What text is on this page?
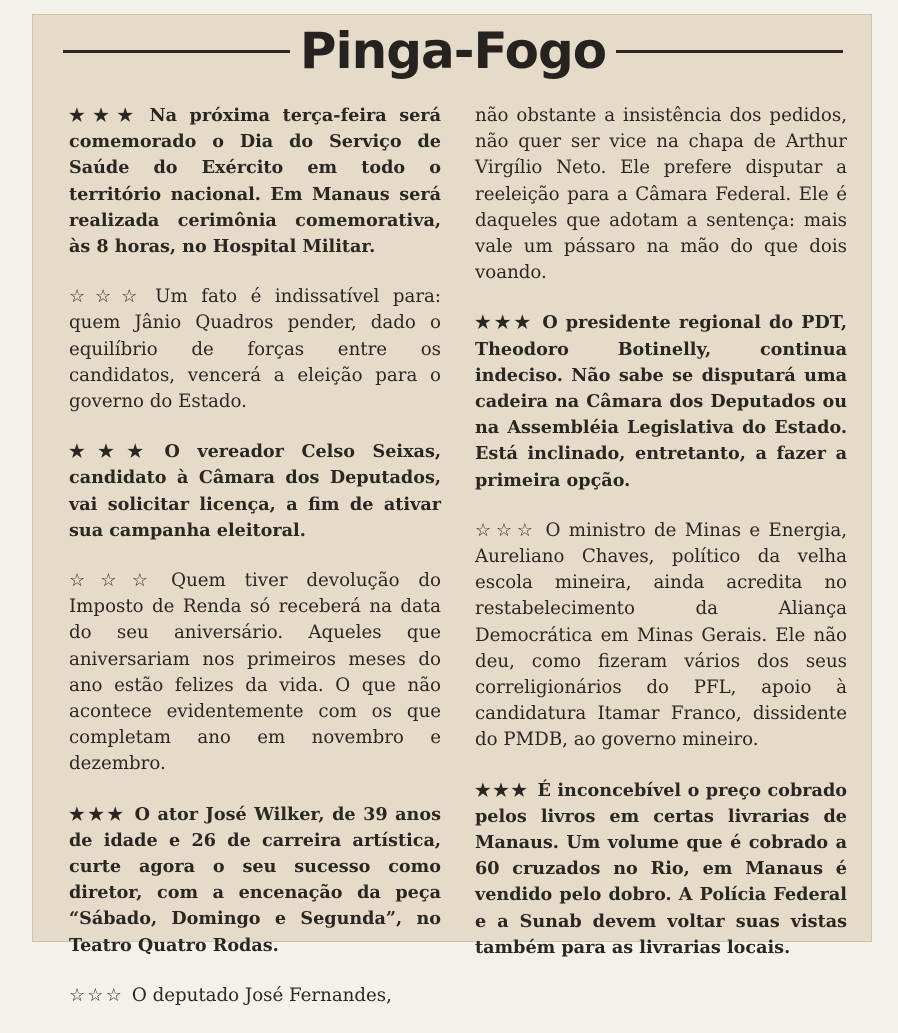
Pinga-Fogo

★★★ Na próxima terça-feira será comemorado o Dia do Serviço de Saúde do Exército em todo o território nacional. Em Manaus será realizada cerimônia comemorativa, às 8 horas, no Hospital Militar.

☆☆☆ Um fato é indissatível para: quem Jânio Quadros pender, dado o equilíbrio de forças entre os candidatos, vencerá a eleição para o governo do Estado.

★★★ O vereador Celso Seixas, candidato à Câmara dos Deputados, vai solicitar licença, a fim de ativar sua campanha eleitoral.

☆☆☆ Quem tiver devolução do Imposto de Renda só receberá na data do seu aniversário. Aqueles que aniversariam nos primeiros meses do ano estão felizes da vida. O que não acontece evidentemente com os que completam ano em novembro e dezembro.

★★★ O ator José Wilker, de 39 anos de idade e 26 de carreira artística, curte agora o seu sucesso como diretor, com a encenação da peça “Sábado, Domingo e Segunda”, no Teatro Quatro Rodas.

☆☆☆ O deputado José Fernandes,

não obstante a insistência dos pedidos, não quer ser vice na chapa de Arthur Virgílio Neto. Ele prefere disputar a reeleição para a Câmara Federal. Ele é daqueles que adotam a sentença: mais vale um pássaro na mão do que dois voando.

★★★ O presidente regional do PDT, Theodoro Botinelly, continua indeciso. Não sabe se disputará uma cadeira na Câmara dos Deputados ou na Assembléia Legislativa do Estado. Está inclinado, entretanto, a fazer a primeira opção.

☆☆☆ O ministro de Minas e Energia, Aureliano Chaves, político da velha escola mineira, ainda acredita no restabelecimento da Aliança Democrática em Minas Gerais. Ele não deu, como fizeram vários dos seus correligionários do PFL, apoio à candidatura Itamar Franco, dissidente do PMDB, ao governo mineiro.

★★★ É inconcebível o preço cobrado pelos livros em certas livrarias de Manaus. Um volume que é cobrado a 60 cruzados no Rio, em Manaus é vendido pelo dobro. A Polícia Federal e a Sunab devem voltar suas vistas também para as livrarias locais.
